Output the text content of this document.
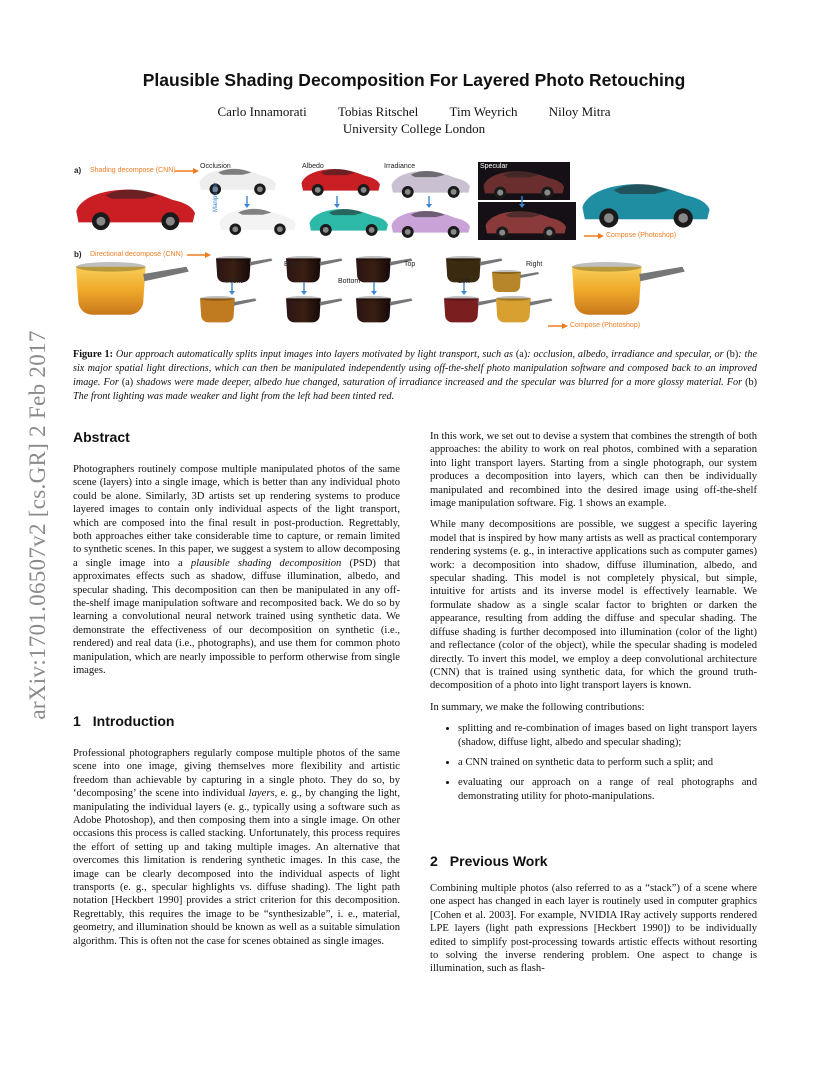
arXiv:1701.06507v2 [cs.GR] 2 Feb 2017
Plausible Shading Decomposition For Layered Photo Retouching
Carlo Innamorati Tobias Ritschel Tim Weyrich Niloy Mitra
University College London
a) Shading decompose (CNN)
Occlusion	Albedo	Irradiance	Specular
Manipulate
Compose (Photoshop)
b) Directional decompose (CNN)
Back	Top	Right
Front	Bottom	Left
Compose (Photoshop)
Figure 1: Our approach automatically splits input images into layers motivated by light transport, such as (a): occlusion, albedo, irradiance and specular, or (b): the six major spatial light directions, which can then be manipulated independently using off-the-shelf photo manipulation software and composed back to an improved image. For (a) shadows were made deeper, albedo hue changed, saturation of irradiance increased and the specular was blurred for a more glossy material. For (b) The front lighting was made weaker and light from the left had been tinted red.
Abstract

Photographers routinely compose multiple manipulated photos of the same scene (layers) into a single image, which is better than any individual photo could be alone. Similarly, 3D artists set up rendering systems to produce layered images to contain only individual aspects of the light transport, which are composed into the final result in post-production. Regrettably, both approaches either take considerable time to capture, or remain limited to synthetic scenes. In this paper, we suggest a system to allow decomposing a single image into a plausible shading decomposition (PSD) that approximates effects such as shadow, diffuse illumination, albedo, and specular shading. This decomposition can then be manipulated in any off-the-shelf image manipulation software and recomposited back. We do so by learning a convolutional neural network trained using synthetic data. We demonstrate the effectiveness of our decomposition on synthetic (i.e., rendered) and real data (i.e., photographs), and use them for common photo manipulation, which are nearly impossible to perform otherwise from single images.

1 Introduction

Professional photographers regularly compose multiple photos of the same scene into one image, giving themselves more flexibility and artistic freedom than achievable by capturing in a single photo. They do so, by ‘decomposing’ the scene into individual layers, e. g., by changing the light, manipulating the individual layers (e. g., typically using a software such as Adobe Photoshop), and then composing them into a single image. On other occasions this process is called stacking. Unfortunately, this process requires the effort of setting up and taking multiple images. An alternative that overcomes this limitation is rendering synthetic images. In this case, the image can be clearly decomposed into the individual aspects of light transports (e. g., specular highlights vs. diffuse shading). The light path notation [Heckbert 1990] provides a strict criterion for this decomposition. Regrettably, this requires the image to be “synthesizable”, i. e., material, geometry, and illumination should be known as well as a suitable simulation algorithm. This is often not the case for scenes obtained as single images.

In this work, we set out to devise a system that combines the strength of both approaches: the ability to work on real photos, combined with a separation into light transport layers. Starting from a single photograph, our system produces a decomposition into layers, which can then be individually manipulated and recombined into the desired image using off-the-shelf image manipulation software. Fig. 1 shows an example.

While many decompositions are possible, we suggest a specific layering model that is inspired by how many artists as well as practical contemporary rendering systems (e. g., in interactive applications such as computer games) work: a decomposition into shadow, diffuse illumination, albedo, and specular shading. This model is not completely physical, but simple, intuitive for artists and its inverse model is effectively learnable. We formulate shadow as a single scalar factor to brighten or darken the appearance, resulting from adding the diffuse and specular shading. The diffuse shading is further decomposed into illumination (color of the light) and reflectance (color of the object), while the specular shading is modeled directly. To invert this model, we employ a deep convolutional architecture (CNN) that is trained using synthetic data, for which the ground truth-decomposition of a photo into light transport layers is known.

In summary, we make the following contributions:

• splitting and re-combination of images based on light transport layers (shadow, diffuse light, albedo and specular shading);
• a CNN trained on synthetic data to perform such a split; and
• evaluating our approach on a range of real photographs and demonstrating utility for photo-manipulations.
2 Previous Work

Combining multiple photos (also referred to as a “stack”) of a scene where one aspect has changed in each layer is routinely used in computer graphics [Cohen et al. 2003]. For example, NVIDIA IRay actively supports rendered LPE layers (light path expressions [Heckbert 1990]) to be individually edited to simplify post-processing towards artistic effects without resorting to solving the inverse rendering problem. One aspect to change is illumination, such as flash-
